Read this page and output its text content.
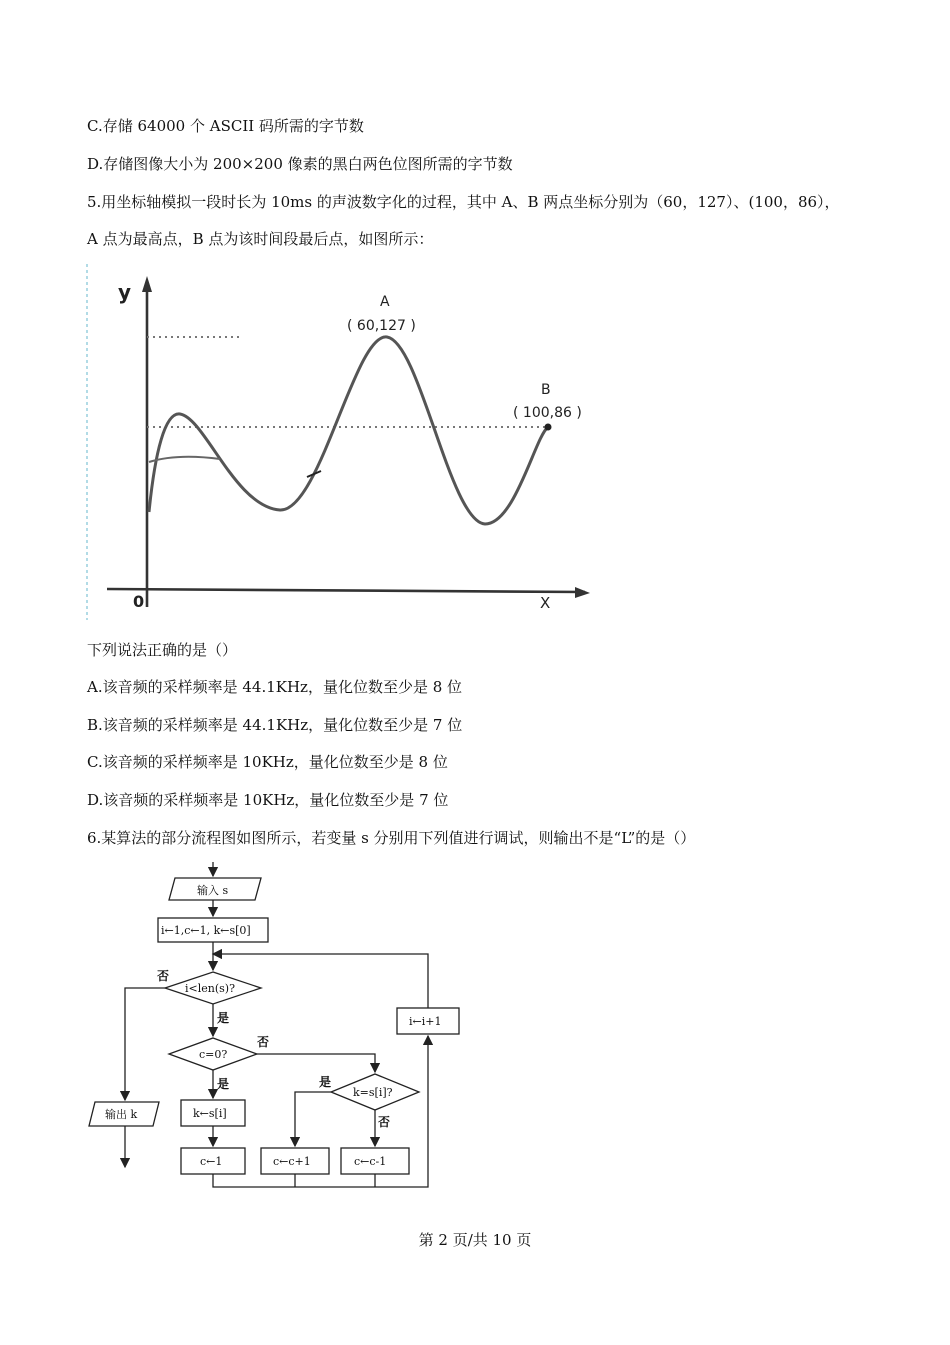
C.存储 64000 个 ASCII 码所需的字节数
D.存储图像大小为 200×200 像素的黑白两色位图所需的字节数
5.用坐标轴模拟一段时长为 10ms 的声波数字化的过程，其中 A、B 两点坐标分别为（60，127）、(100，86），
A 点为最高点，B 点为该时间段最后点，如图所示：
y
X
0
A
( 60,127 )
B
( 100,86 )
下列说法正确的是（）
A.该音频的采样频率是 44.1KHz，量化位数至少是 8 位
B.该音频的采样频率是 44.1KHz，量化位数至少是 7 位
C.该音频的采样频率是 10KHz，量化位数至少是 8 位
D.该音频的采样频率是 10KHz，量化位数至少是 7 位
6.某算法的部分流程图如图所示，若变量 s 分别用下列值进行调试，则输出不是“L”的是（）
输入 s
i←1,c←1, k←s[0]
i<len(s)?
否
是
c=0?
否
是
k=s[i]?
是
否
输出 k	k←s[i]
c←1	c←c+1	c←c-1
i←i+1
第 2 页/共 10 页
